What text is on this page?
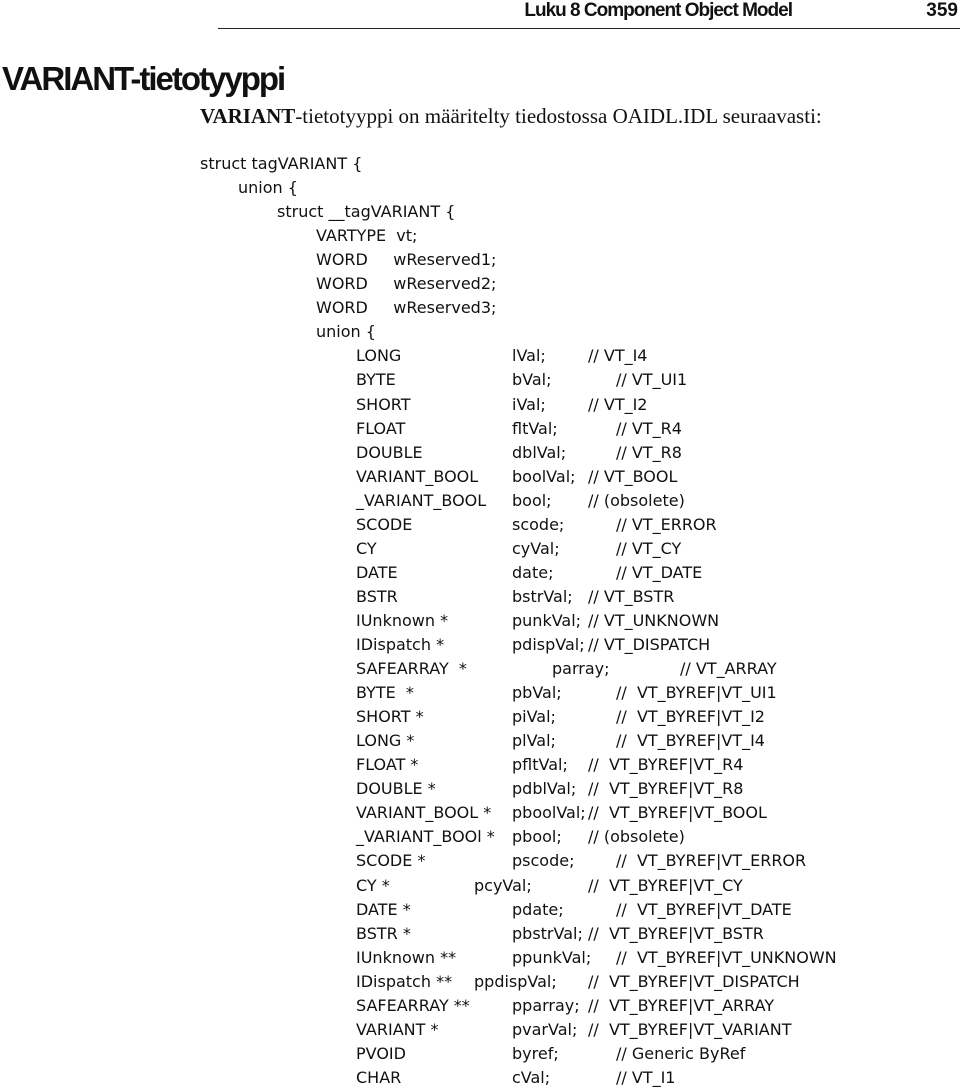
Luku 8 Component Object Model	359
VARIANT-tietotyyppi
VARIANT-tietotyyppi on määritelty tiedostossa OAIDL.IDL seuraavasti:
struct tagVARIANT {
union {
struct __tagVARIANT {
VARTYPE  vt;
WORD     wReserved1;
WORD     wReserved2;
WORD     wReserved3;
union {
LONG	lVal;	// VT_I4
BYTE	bVal;	// VT_UI1
SHORT	iVal;	// VT_I2
FLOAT	fltVal;	// VT_R4
DOUBLE	dblVal;	// VT_R8
VARIANT_BOOL boolVal; // VT_BOOL
_VARIANT_BOOL bool; // (obsolete)
SCODE	scode;	// VT_ERROR
CY	cyVal;	// VT_CY
DATE	date;	// VT_DATE
BSTR	bstrVal; // VT_BSTR
IUnknown *	punkVal; // VT_UNKNOWN
IDispatch *	pdispVal; // VT_DISPATCH
SAFEARRAY  *	parray;	// VT_ARRAY
BYTE  *	pbVal;	//  VT_BYREF|VT_UI1
SHORT *	piVal;	//  VT_BYREF|VT_I2
LONG *	plVal;	//  VT_BYREF|VT_I4
FLOAT *	pfltVal; //  VT_BYREF|VT_R4
DOUBLE *	pdblVal; //  VT_BYREF|VT_R8
VARIANT_BOOL * pboolVal; //  VT_BYREF|VT_BOOL
_VARIANT_BOOl * pbool; // (obsolete)
SCODE *	pscode;	//  VT_BYREF|VT_ERROR
CY *	pcyVal;	//  VT_BYREF|VT_CY
DATE *	pdate;	//  VT_BYREF|VT_DATE
BSTR *	pbstrVal; //  VT_BYREF|VT_BSTR
IUnknown **	ppunkVal; //  VT_BYREF|VT_UNKNOWN
IDispatch ** ppdispVal; //  VT_BYREF|VT_DISPATCH
SAFEARRAY **	pparray; //  VT_BYREF|VT_ARRAY
VARIANT *	pvarVal; //  VT_BYREF|VT_VARIANT
PVOID	byref;	// Generic ByRef
CHAR	cVal;	// VT_I1
